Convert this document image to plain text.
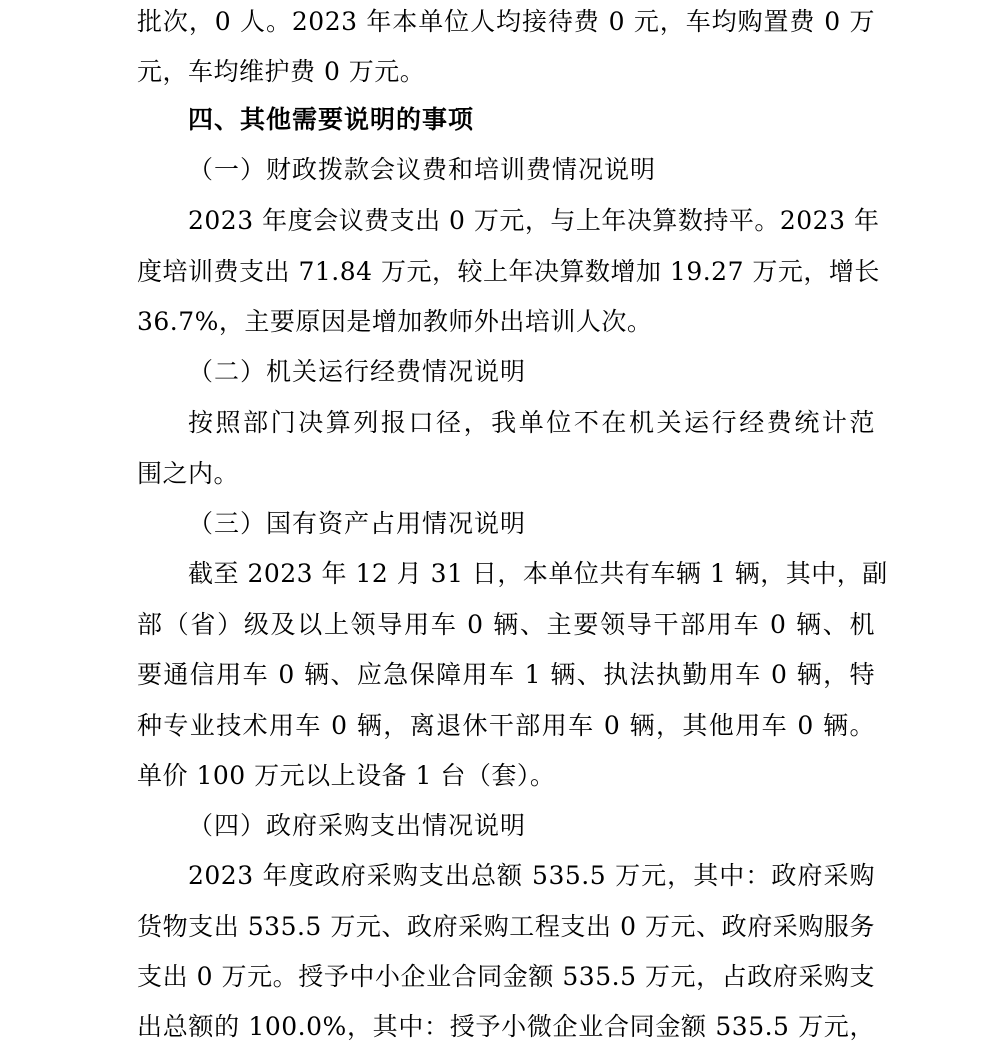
批次，0 人。2023 年本单位人均接待费 0 元，车均购置费 0 万
元，车均维护费 0 万元。
四、其他需要说明的事项
（一）财政拨款会议费和培训费情况说明
2023 年度会议费支出 0 万元，与上年决算数持平。2023 年
度培训费支出 71.84 万元，较上年决算数增加 19.27 万元，增长
36.7%，主要原因是增加教师外出培训人次。
（二）机关运行经费情况说明
按照部门决算列报口径，我单位不在机关运行经费统计范
围之内。
（三）国有资产占用情况说明
截至 2023 年 12 月 31 日，本单位共有车辆 1 辆，其中，副
部（省）级及以上领导用车 0 辆、主要领导干部用车 0 辆、机
要通信用车 0 辆、应急保障用车 1 辆、执法执勤用车 0 辆，特
种专业技术用车 0 辆，离退休干部用车 0 辆，其他用车 0 辆。
单价 100 万元以上设备 1 台（套）。
（四）政府采购支出情况说明
2023 年度政府采购支出总额 535.5 万元，其中：政府采购
货物支出 535.5 万元、政府采购工程支出 0 万元、政府采购服务
支出 0 万元。授予中小企业合同金额 535.5 万元，占政府采购支
出总额的 100.0%，其中：授予小微企业合同金额 535.5 万元，
